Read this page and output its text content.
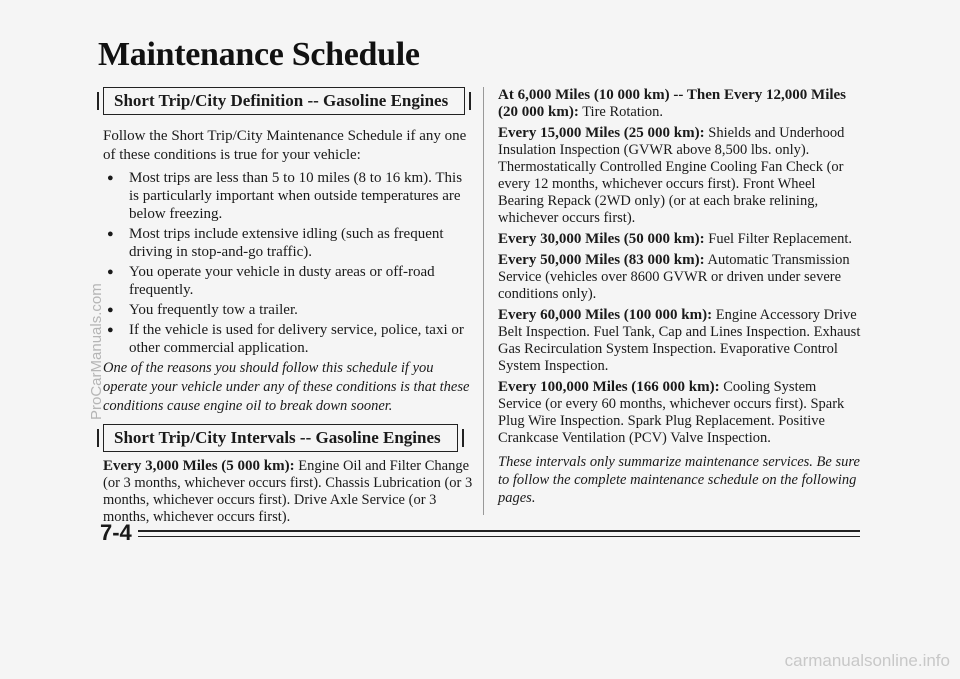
Maintenance Schedule
Short Trip/City Definition -- Gasoline Engines

Follow the Short Trip/City Maintenance Schedule if any one of these conditions is true for your vehicle:

● Most trips are less than 5 to 10 miles (8 to 16 km). This is particularly important when outside temperatures are below freezing.
● Most trips include extensive idling (such as frequent driving in stop-and-go traffic).
● You operate your vehicle in dusty areas or off-road frequently.
● You frequently tow a trailer.
● If the vehicle is used for delivery service, police, taxi or other commercial application.

One of the reasons you should follow this schedule if you operate your vehicle under any of these conditions is that these conditions cause engine oil to break down sooner.

Short Trip/City Intervals -- Gasoline Engines
Every 3,000 Miles (5 000 km): Engine Oil and Filter Change (or 3 months, whichever occurs first). Chassis Lubrication (or 3 months, whichever occurs first). Drive Axle Service (or 3 months, whichever occurs first).
At 6,000 Miles (10 000 km) -- Then Every 12,000 Miles (20 000 km): Tire Rotation.
Every 15,000 Miles (25 000 km): Shields and Underhood Insulation Inspection (GVWR above 8,500 lbs. only). Thermostatically Controlled Engine Cooling Fan Check (or every 12 months, whichever occurs first). Front Wheel Bearing Repack (2WD only) (or at each brake relining, whichever occurs first).
Every 30,000 Miles (50 000 km): Fuel Filter Replacement.
Every 50,000 Miles (83 000 km): Automatic Transmission Service (vehicles over 8600 GVWR or driven under severe conditions only).
Every 60,000 Miles (100 000 km): Engine Accessory Drive Belt Inspection. Fuel Tank, Cap and Lines Inspection. Exhaust Gas Recirculation System Inspection. Evaporative Control System Inspection.
Every 100,000 Miles (166 000 km): Cooling System Service (or every 60 months, whichever occurs first). Spark Plug Wire Inspection. Spark Plug Replacement. Positive Crankcase Ventilation (PCV) Valve Inspection.

These intervals only summarize maintenance services. Be sure to follow the complete maintenance schedule on the following pages.

7-4
ProCarManuals.com
carmanualsonline.info
